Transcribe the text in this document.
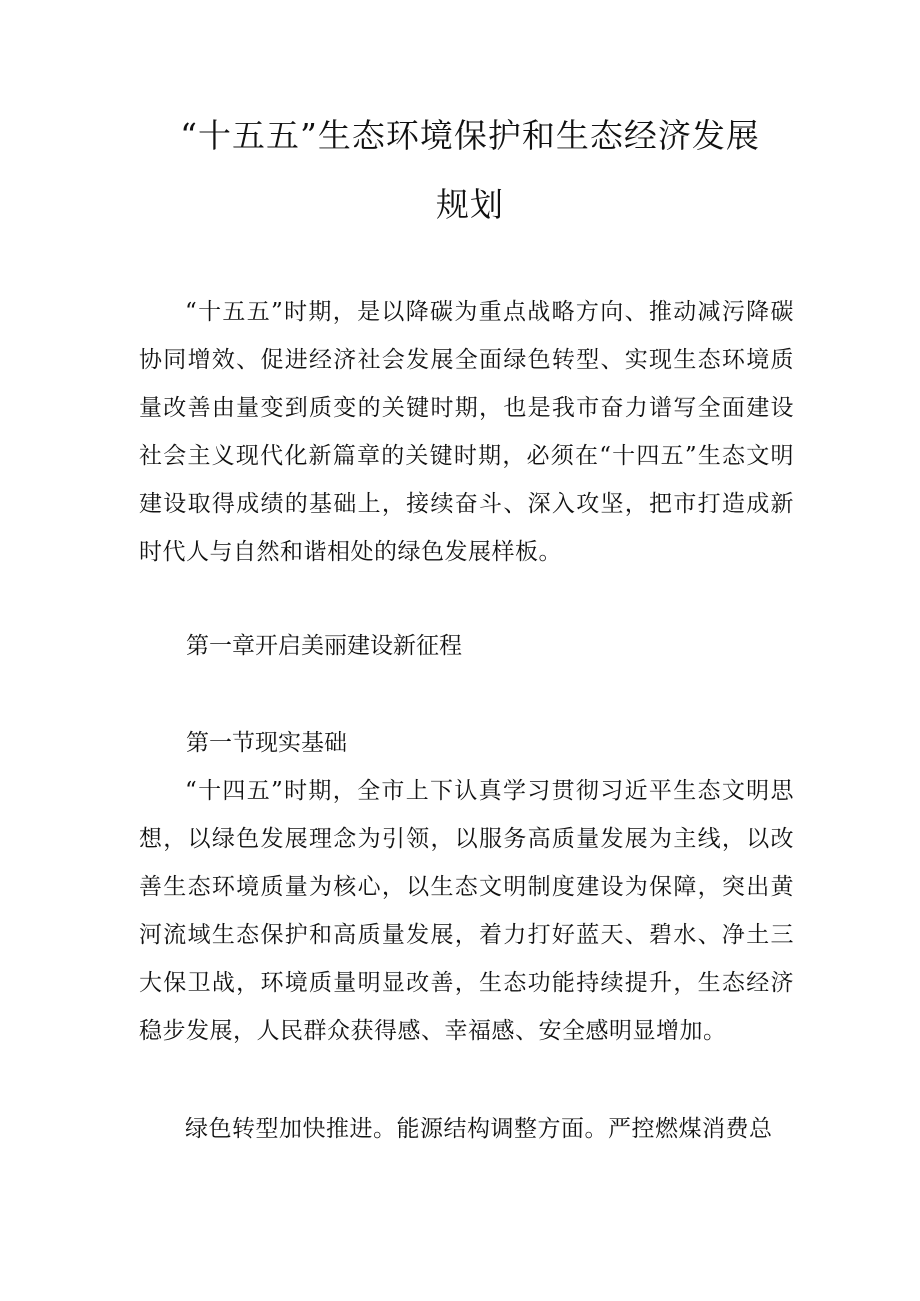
“十五五”生态环境保护和生态经济发展
规划

“十五五”时期，是以降碳为重点战略方向、推动减污降碳协同增效、促进经济社会发展全面绿色转型、实现生态环境质量改善由量变到质变的关键时期，也是我市奋力谱写全面建设社会主义现代化新篇章的关键时期，必须在“十四五”生态文明建设取得成绩的基础上，接续奋斗、深入攻坚，把市打造成新时代人与自然和谐相处的绿色发展样板。

第一章开启美丽建设新征程
第一节现实基础

“十四五”时期，全市上下认真学习贯彻习近平生态文明思想，以绿色发展理念为引领，以服务高质量发展为主线，以改善生态环境质量为核心，以生态文明制度建设为保障，突出黄河流域生态保护和高质量发展，着力打好蓝天、碧水、净土三大保卫战，环境质量明显改善，生态功能持续提升，生态经济稳步发展，人民群众获得感、幸福感、安全感明显增加。

绿色转型加快推进。能源结构调整方面。严控燃煤消费总
